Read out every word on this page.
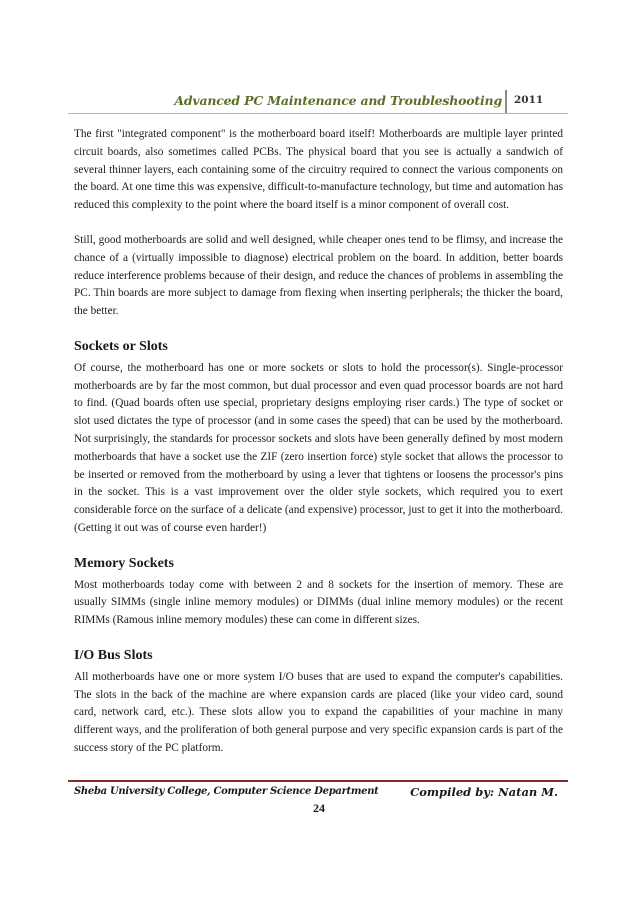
Advanced PC Maintenance and Troubleshooting 2011

The first "integrated component" is the motherboard board itself! Motherboards are multiple layer printed circuit boards, also sometimes called PCBs. The physical board that you see is actually a sandwich of several thinner layers, each containing some of the circuitry required to connect the various components on the board. At one time this was expensive, difficult-to-manufacture technology, but time and automation has reduced this complexity to the point where the board itself is a minor component of overall cost.

Still, good motherboards are solid and well designed, while cheaper ones tend to be flimsy, and increase the chance of a (virtually impossible to diagnose) electrical problem on the board. In addition, better boards reduce interference problems because of their design, and reduce the chances of problems in assembling the PC. Thin boards are more subject to damage from flexing when inserting peripherals; the thicker the board, the better.

Sockets or Slots

Of course, the motherboard has one or more sockets or slots to hold the processor(s). Single-processor motherboards are by far the most common, but dual processor and even quad processor boards are not hard to find. (Quad boards often use special, proprietary designs employing riser cards.) The type of socket or slot used dictates the type of processor (and in some cases the speed) that can be used by the motherboard. Not surprisingly, the standards for processor sockets and slots have been generally defined by most modern motherboards that have a socket use the ZIF (zero insertion force) style socket that allows the processor to be inserted or removed from the motherboard by using a lever that tightens or loosens the processor's pins in the socket. This is a vast improvement over the older style sockets, which required you to exert considerable force on the surface of a delicate (and expensive) processor, just to get it into the motherboard.(Getting it out was of course even harder!)

Memory Sockets

Most motherboards today come with between 2 and 8 sockets for the insertion of memory. These are usually SIMMs (single inline memory modules) or DIMMs (dual inline memory modules) or the recent RIMMs (Ramous inline memory modules) these can come in different sizes.

I/O Bus Slots

All motherboards have one or more system I/O buses that are used to expand the computer's capabilities. The slots in the back of the machine are where expansion cards are placed (like your video card, sound card, network card, etc.). These slots allow you to expand the capabilities of your machine in many different ways, and the proliferation of both general purpose and very specific expansion cards is part of the success story of the PC platform.

Sheba University College, Computer Science Department	Compiled by: Natan M.
24
